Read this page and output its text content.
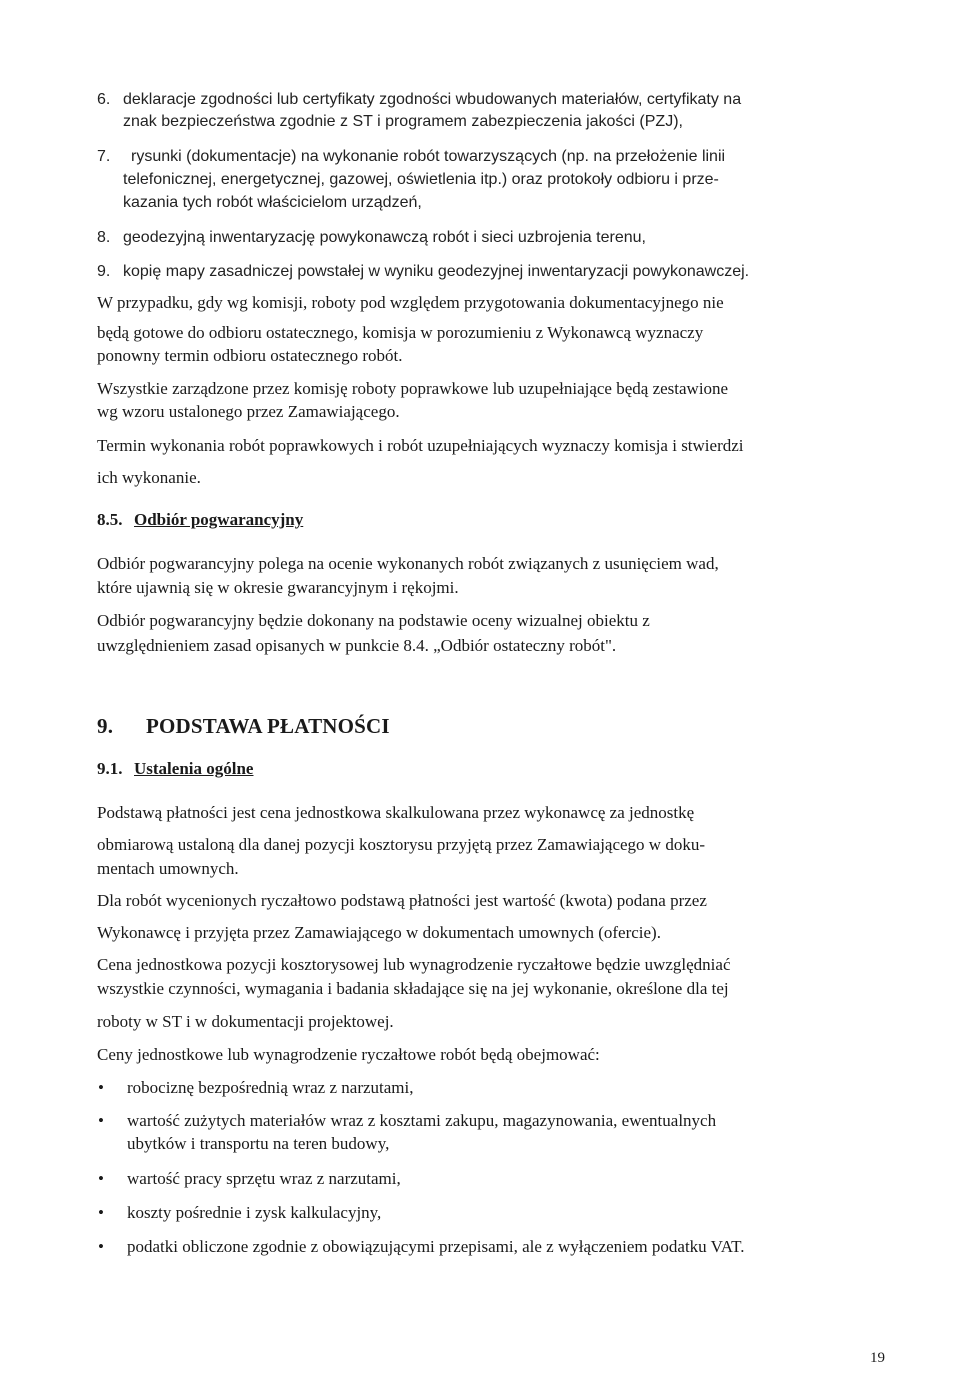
6. deklaracje zgodności lub certyfikaty zgodności wbudowanych materiałów, certyfikaty na
znak bezpieczeństwa zgodnie z ST i programem zabezpieczenia jakości (PZJ),
7. rysunki (dokumentacje) na wykonanie robót towarzyszących (np. na przełożenie linii
telefonicznej, energetycznej, gazowej, oświetlenia itp.) oraz protokoły odbioru i prze-
kazania tych robót właścicielom urządzeń,
8. geodezyjną inwentaryzację powykonawczą robót i sieci uzbrojenia terenu,
9. kopię mapy zasadniczej powstałej w wyniku geodezyjnej inwentaryzacji powykonawczej.
W przypadku, gdy wg komisji, roboty pod względem przygotowania dokumentacyjnego nie
będą gotowe do odbioru ostatecznego, komisja w porozumieniu z Wykonawcą wyznaczy
ponowny termin odbioru ostatecznego robót.
Wszystkie zarządzone przez komisję roboty poprawkowe lub uzupełniające będą zestawione
wg wzoru ustalonego przez Zamawiającego.
Termin wykonania robót poprawkowych i robót uzupełniających wyznaczy komisja i stwierdzi
ich wykonanie.
8.5. Odbiór pogwarancyjny
Odbiór pogwarancyjny polega na ocenie wykonanych robót związanych z usunięciem wad,
które ujawnią się w okresie gwarancyjnym i rękojmi.
Odbiór pogwarancyjny będzie dokonany na podstawie oceny wizualnej obiektu z
uwzględnieniem zasad opisanych w punkcie 8.4. „Odbiór ostateczny robót".
9. PODSTAWA PŁATNOŚCI
9.1. Ustalenia ogólne
Podstawą płatności jest cena jednostkowa skalkulowana przez wykonawcę za jednostkę
obmiarową ustaloną dla danej pozycji kosztorysu przyjętą przez Zamawiającego w doku-
mentach umownych.
Dla robót wycenionych ryczałtowo podstawą płatności jest wartość (kwota) podana przez
Wykonawcę i przyjęta przez Zamawiającego w dokumentach umownych (ofercie).
Cena jednostkowa pozycji kosztorysowej lub wynagrodzenie ryczałtowe będzie uwzględniać
wszystkie czynności, wymagania i badania składające się na jej wykonanie, określone dla tej
roboty w ST i w dokumentacji projektowej.
Ceny jednostkowe lub wynagrodzenie ryczałtowe robót będą obejmować:
• robociznę bezpośrednią wraz z narzutami,
• wartość zużytych materiałów wraz z kosztami zakupu, magazynowania, ewentualnych
ubytków i transportu na teren budowy,
• wartość pracy sprzętu wraz z narzutami,
• koszty pośrednie i zysk kalkulacyjny,
• podatki obliczone zgodnie z obowiązującymi przepisami, ale z wyłączeniem podatku VAT.
19
